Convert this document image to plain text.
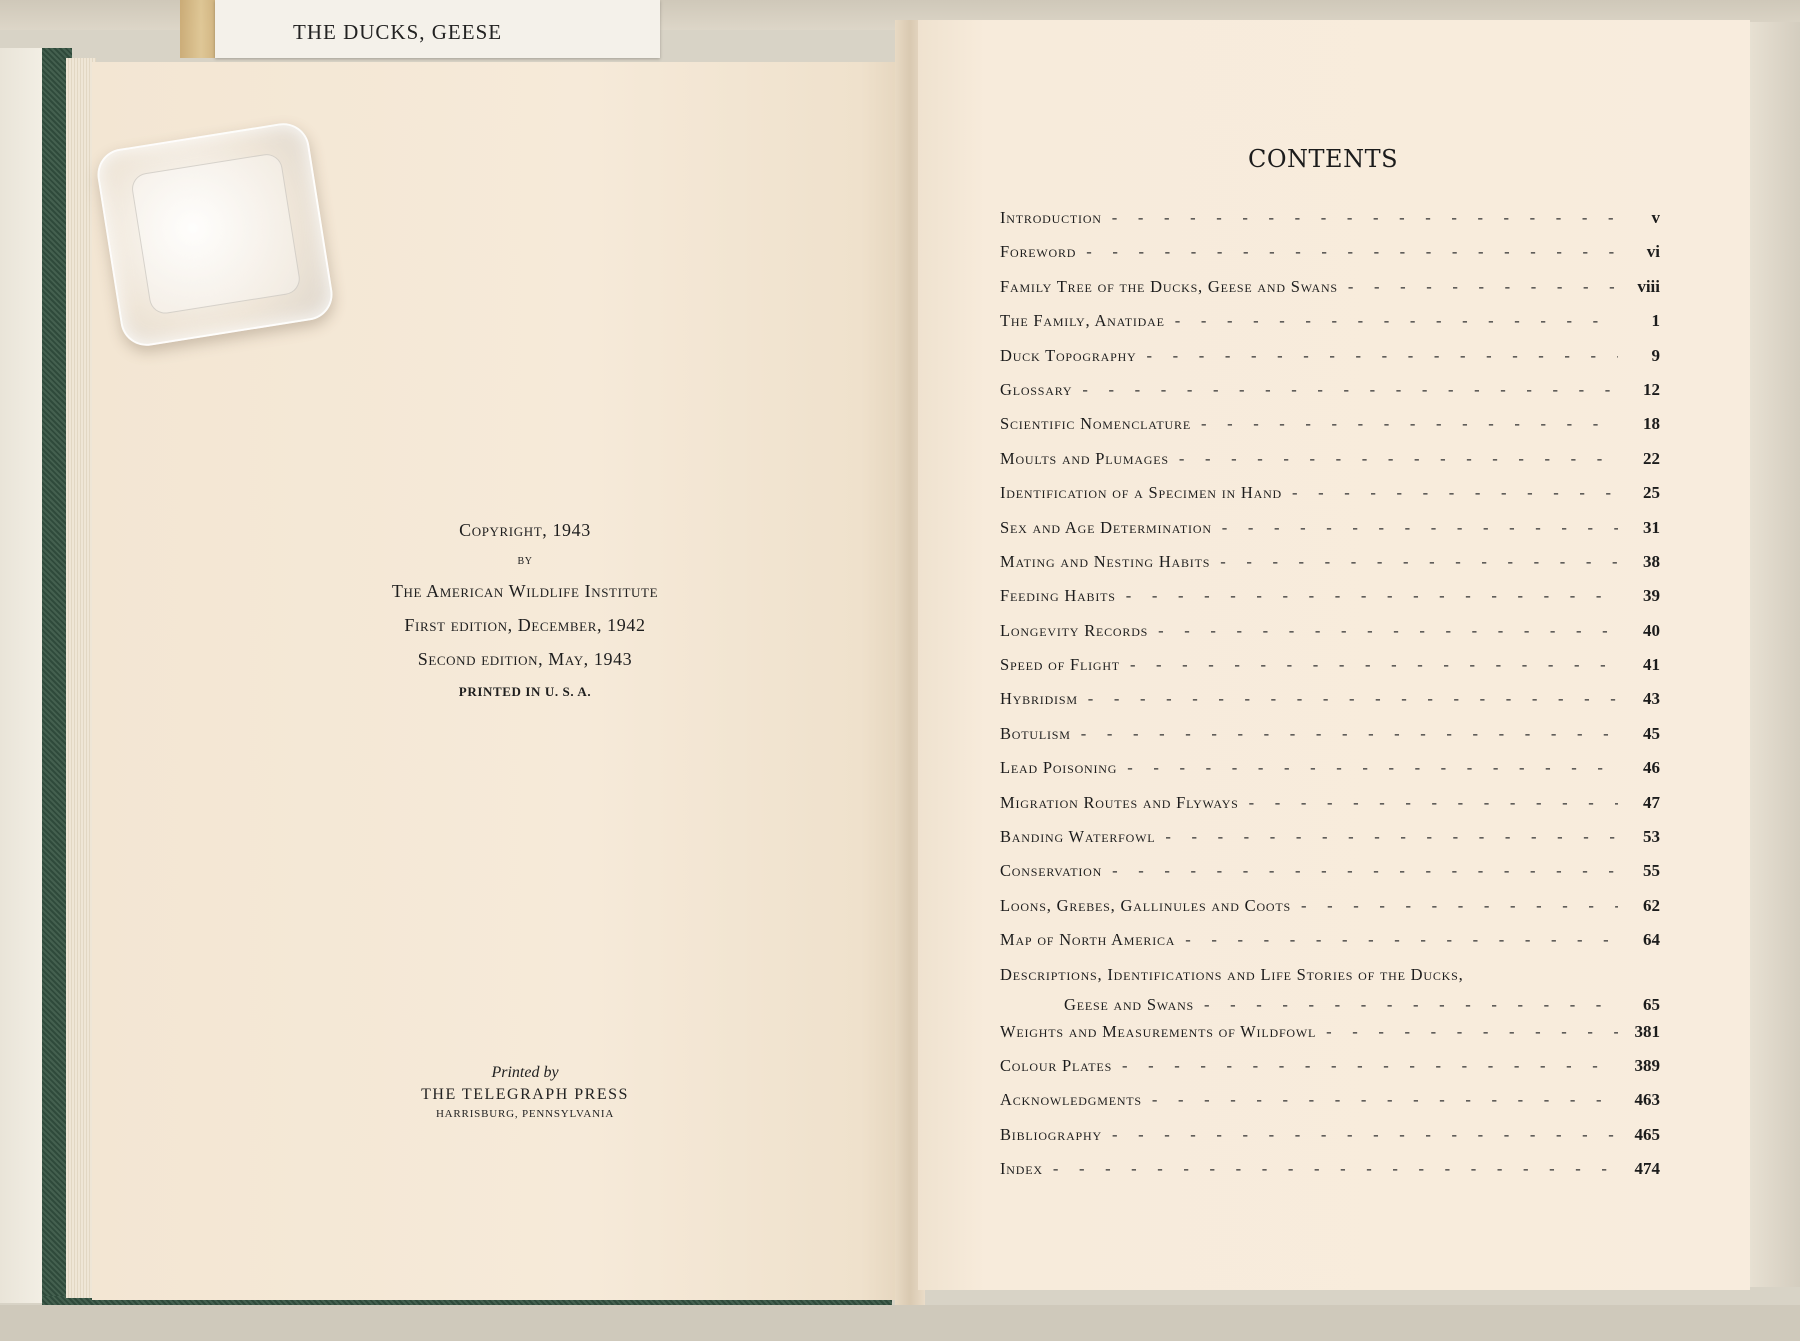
THE DUCKS, GEESE
Copyright, 1943
by
The American Wildlife Institute
First edition, December, 1942
Second edition, May, 1943
PRINTED IN U. S. A.
Printed by
THE TELEGRAPH PRESS
HARRISBURG, PENNSYLVANIA
CONTENTS
Introduction -	v
Foreword -	vi
Family Tree of the Ducks, Geese and Swans -	viii
The Family, Anatidae -	1
Duck Topography -	9
Glossary -	12
Scientific Nomenclature -	18
Moults and Plumages -	22
Identification of a Specimen in Hand -	25
Sex and Age Determination -	31
Mating and Nesting Habits -	38
Feeding Habits -	39
Longevity Records -	40
Speed of Flight -	41
Hybridism -	43
Botulism -	45
Lead Poisoning -	46
Migration Routes and Flyways -	47
Banding Waterfowl -	53
Conservation -	55
Loons, Grebes, Gallinules and Coots -	62
Map of North America -	64
Descriptions, Identifications and Life Stories of the Ducks,
Geese and Swans -	65
Weights and Measurements of Wildfowl -	381
Colour Plates -	389
Acknowledgments -	463
Bibliography -	465
Index -	474
